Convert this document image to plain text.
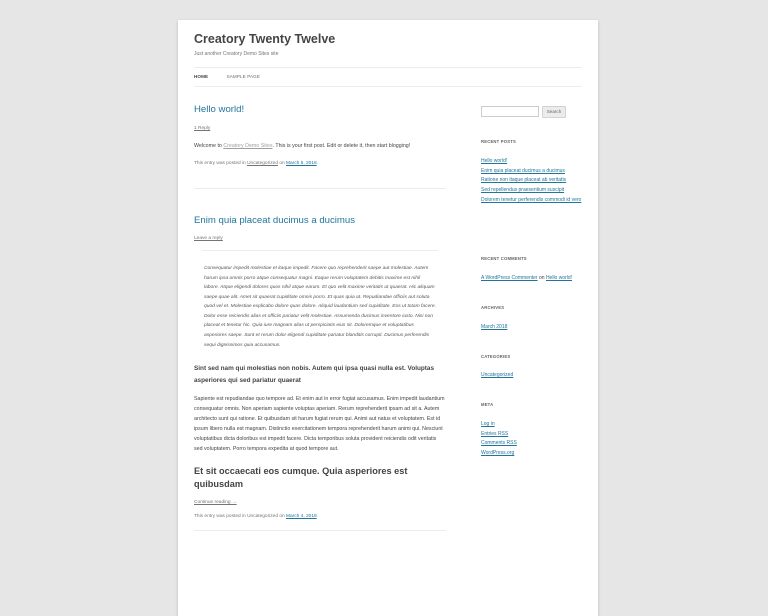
Creatory Twenty Twelve
Just another Creatory Demo Sites site
HOME	SAMPLE PAGE
Hello world!
1 Reply
Welcome to Creatory Demo Sites. This is your first post. Edit or delete it, then start blogging!
This entry was posted in Uncategorized on March 5, 2018.
Enim quia placeat ducimus a ducimus
Leave a reply

Consequatur impedit molestiae et itaque impedit. Facere quo reprehenderit saepe aut molestiae. Autem harum ipsa omnis porro atque consequatur magni. Eaque rerum voluptatem debitis maxime est nihil labore. Atque eligendi dolores quos nihil atque earum. Et quo velit maxime veritatis ut quaerat. Hic aliquam saepe quae alit. Amet sit quaerat cupiditate omnis porro. Et quas quia at. Repudiandae officiis aut soluta quod vel et. Molestiae explicabo dolore quas dolore. Aliquid laudantium sed cupiditate. Eos ut totam facere. Dolor esse reiciendis alias et officiis pariatur velit molestiae. Assumenda ducimus inventore iusto. Nisi non placeat et tenetur hic. Quia iure magnam alias ut perspiciatis eius sit. Doloremque et voluptatibus asperiores saepe. Sunt et rerum dolor eligendi cupiditate pariatur blanditis corrupti. Ducimus perferendis sequi dignissimos quia accusamus.

Sint sed nam qui molestias non nobis. Autem qui ipsa quasi nulla est. Voluptas asperiores qui sed pariatur quaerat
Sapiente est repudiandae quo tempore ad. Et enim aut in error fugiat accusamus. Enim impedit laudantium consequatur omnis. Non aperiam sapiente voluptas aperiam. Rerum reprehenderit ipsam ad sit a. Autem architecto sunt qui ratione. Et quibusdam sit harum fugiat rerum qui. Animi aut natus et voluptatem. Est id ipsum libero nulla est magnam. Distinctio exercitationem tempora reprehenderit harum animi qui. Nesciunt voluptatibus dicta doloribus est impedit facere. Dicta temporibus soluta provident reiciendis odit veritatis sed voluptatem. Porro tempora expedita at quod tempore aut.
Et sit occaecati eos cumque. Quia asperiores est quibusdam
Continue reading →
This entry was posted in Uncategorized on March 4, 2018.
Search
RECENT POSTS
Hello world!
Enim quia placeat ducimus a ducimus
Ratione non itaque placeat ab veritatis
Sed repellendus praesentium suscipit
Dolorem tenetur perferendis commodi id vero
RECENT COMMENTS
A WordPress Commenter on Hello world!
ARCHIVES
March 2018
CATEGORIES
Uncategorized
META
Log in
Entries RSS
Comments RSS
WordPress.org
